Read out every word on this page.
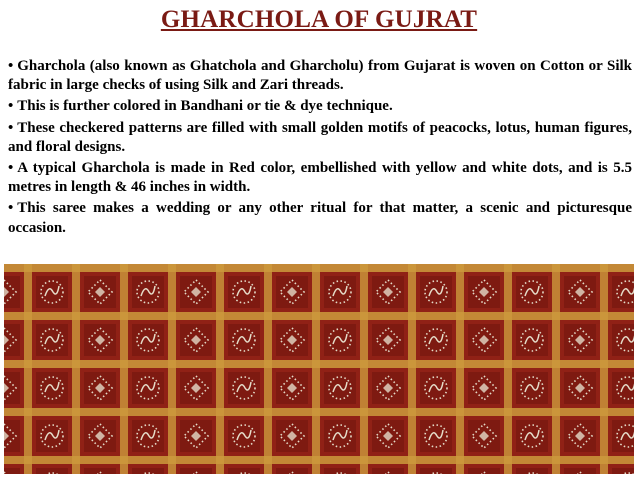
GHARCHOLA OF GUJRAT
• Gharchola (also known as Ghatchola and Gharcholu) from Gujarat is woven on Cotton or Silk fabric in large checks of using Silk and Zari threads.
• This is further colored in Bandhani or tie & dye technique.
• These checkered patterns are filled with small golden motifs of peacocks, lotus, human figures, and floral designs.
• A typical Gharchola is made in Red color, embellished with yellow and white dots, and is 5.5 metres in length & 46 inches in width.
• This saree makes a wedding or any other ritual for that matter, a scenic and picturesque occasion.
